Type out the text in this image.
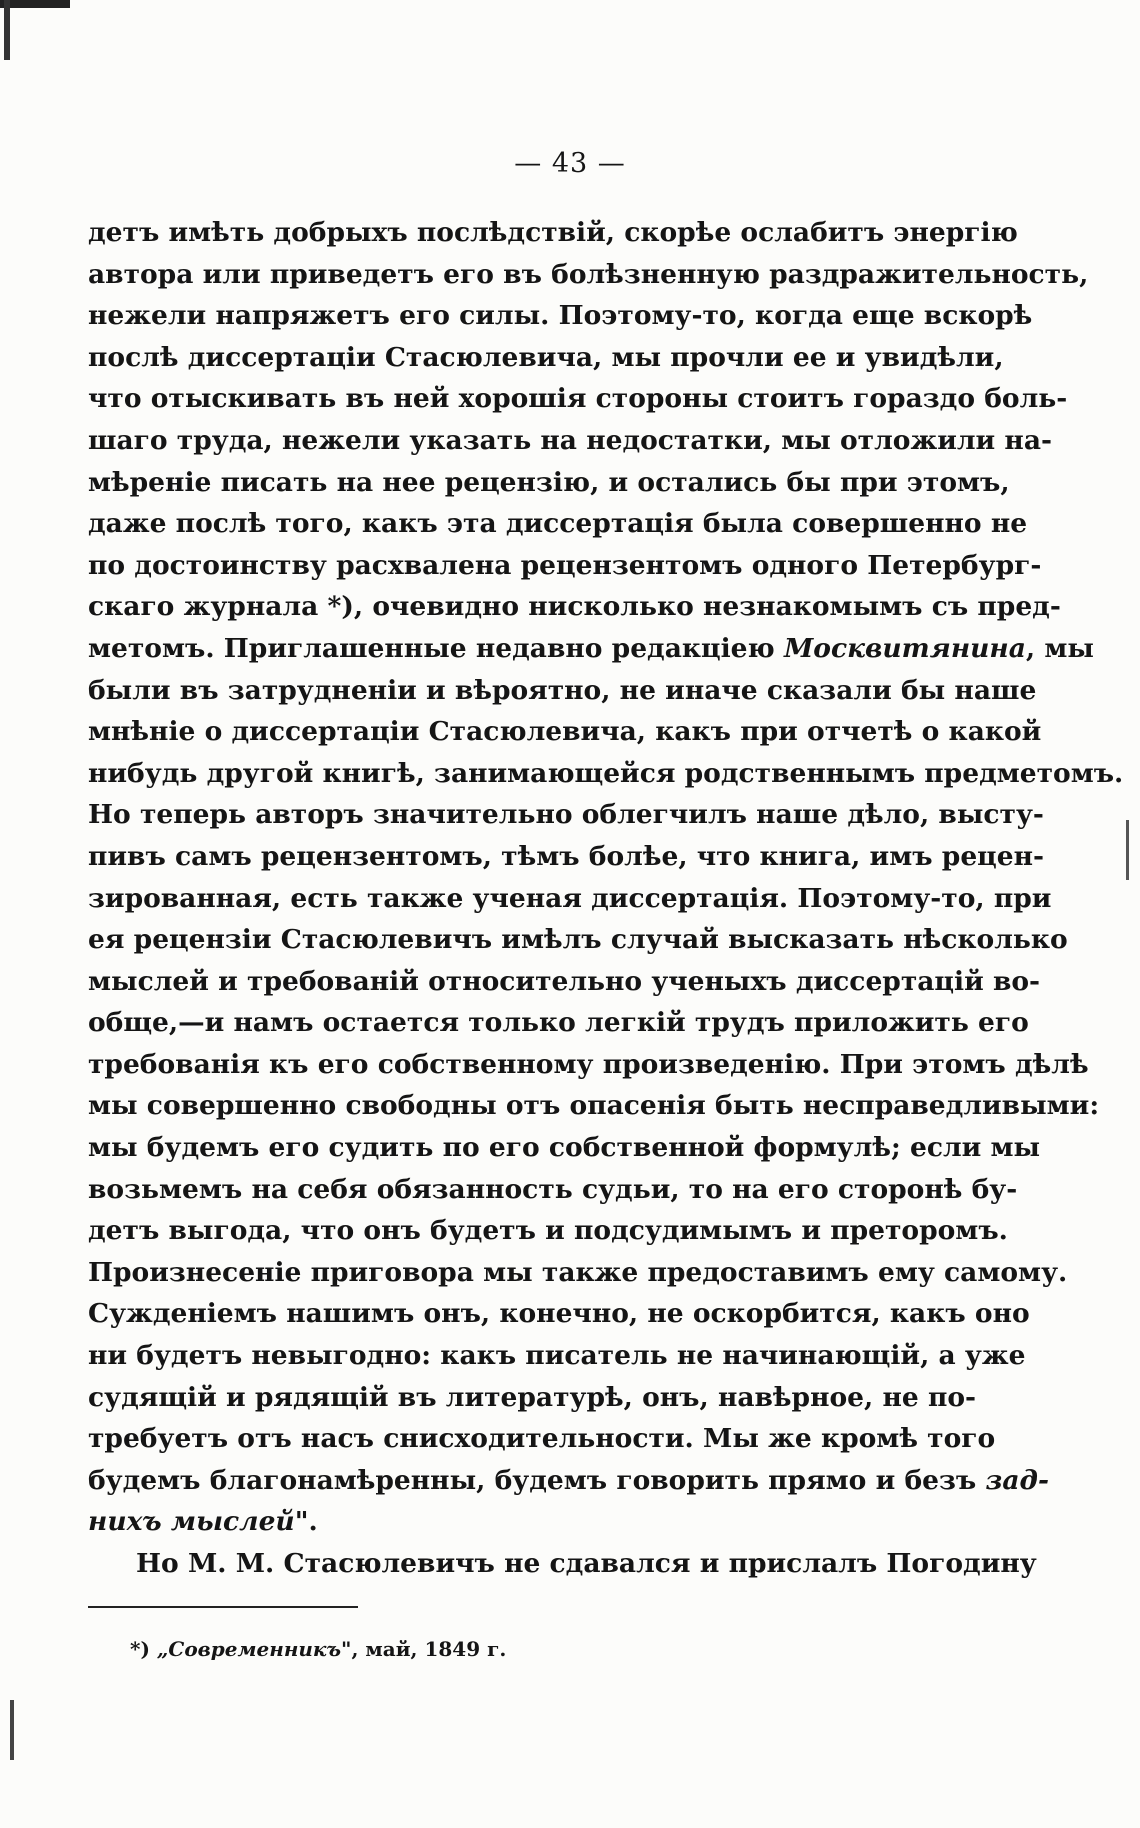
— 43 —
детъ имѣть добрыхъ послѣдствій, скорѣе ослабитъ энергію
автора или приведетъ его въ болѣзненную раздражительность,
нежели напряжетъ его силы. Поэтому-то, когда еще вскорѣ
послѣ диссертаціи Стасюлевича, мы прочли ее и увидѣли,
что отыскивать въ ней хорошія стороны стоитъ гораздо боль-
шаго труда, нежели указать на недостатки, мы отложили на-
мѣреніе писать на нее рецензію, и остались бы при этомъ,
даже послѣ того, какъ эта диссертація была совершенно не
по достоинству расхвалена рецензентомъ одного Петербург-
скаго журнала *), очевидно нисколько незнакомымъ съ пред-
метомъ. Приглашенные недавно редакціею Москвитянина, мы
были въ затрудненіи и вѣроятно, не иначе сказали бы наше
мнѣніе о диссертаціи Стасюлевича, какъ при отчетѣ о какой
нибудь другой книгѣ, занимающейся родственнымъ предметомъ.
Но теперь авторъ значительно облегчилъ наше дѣло, высту-
пивъ самъ рецензентомъ, тѣмъ болѣе, что книга, имъ рецен-
зированная, есть также ученая диссертація. Поэтому-то, при
ея рецензіи Стасюлевичъ имѣлъ случай высказать нѣсколько
мыслей и требованій относительно ученыхъ диссертацій во-
обще,—и намъ остается только легкій трудъ приложить его
требованія къ его собственному произведенію. При этомъ дѣлѣ
мы совершенно свободны отъ опасенія быть несправедливыми:
мы будемъ его судить по его собственной формулѣ; если мы
возьмемъ на себя обязанность судьи, то на его сторонѣ бу-
детъ выгода, что онъ будетъ и подсудимымъ и преторомъ.
Произнесеніе приговора мы также предоставимъ ему самому.
Сужденіемъ нашимъ онъ, конечно, не оскорбится, какъ оно
ни будетъ невыгодно: какъ писатель не начинающій, а уже
судящій и рядящій въ литературѣ, онъ, навѣрное, не по-
требуетъ отъ насъ снисходительности. Мы же кромѣ того
будемъ благонамѣренны, будемъ говорить прямо и безъ зад-
нихъ мыслей".
Но М. М. Стасюлевичъ не сдавался и прислалъ Погодину
*) „Современникъ", май, 1849 г.
